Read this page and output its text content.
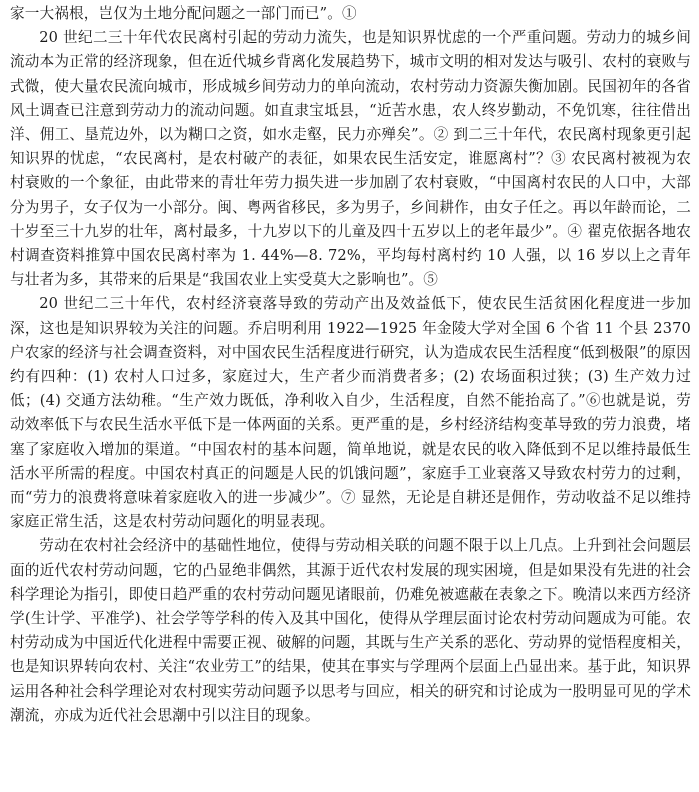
家一大祸根，岂仅为土地分配问题之一部门而已”。①

20 世纪二三十年代农民离村引起的劳动力流失，也是知识界忧虑的一个严重问题。劳动力的城乡间流动本为正常的经济现象，但在近代城乡背离化发展趋势下，城市文明的相对发达与吸引、农村的衰败与式微，使大量农民流向城市，形成城乡间劳动力的单向流动，农村劳动力资源失衡加剧。民国初年的各省风土调查已注意到劳动力的流动问题。如直隶宝坻县，“近苦水患，农人终岁勤动，不免饥寒，往往借出洋、佣工、垦荒边外，以为糊口之资，如水走壑，民力亦殚矣”。② 到二三十年代，农民离村现象更引起知识界的忧虑，“农民离村，是农村破产的表征，如果农民生活安定，谁愿离村”？③ 农民离村被视为农村衰败的一个象征，由此带来的青壮年劳力损失进一步加剧了农村衰败，“中国离村农民的人口中，大部分为男子，女子仅为一小部分。闽、粤两省移民，多为男子，乡间耕作，由女子任之。再以年龄而论，二十岁至三十九岁的壮年，离村最多，十九岁以下的儿童及四十五岁以上的老年最少”。④ 翟克依据各地农村调查资料推算中国农民离村率为 1. 44%—8. 72%，平均每村离村约 10 人强，以 16 岁以上之青年与壮者为多，其带来的后果是“我国农业上实受莫大之影响也”。⑤

20 世纪二三十年代，农村经济衰落导致的劳动产出及效益低下，使农民生活贫困化程度进一步加深，这也是知识界较为关注的问题。乔启明利用 1922—1925 年金陵大学对全国 6 个省 11 个县 2370 户农家的经济与社会调查资料，对中国农民生活程度进行研究，认为造成农民生活程度“低到极限”的原因约有四种：(1) 农村人口过多，家庭过大，生产者少而消费者多；(2) 农场面积过狭；(3) 生产效力过低；(4) 交通方法幼稚。“生产效力既低，净利收入自少，生活程度，自然不能抬高了。”⑥也就是说，劳动效率低下与农民生活水平低下是一体两面的关系。更严重的是，乡村经济结构变革导致的劳力浪费，堵塞了家庭收入增加的渠道。“中国农村的基本问题，简单地说，就是农民的收入降低到不足以维持最低生活水平所需的程度。中国农村真正的问题是人民的饥饿问题”，家庭手工业衰落又导致农村劳力的过剩，而“劳力的浪费将意味着家庭收入的进一步减少”。⑦ 显然，无论是自耕还是佣作，劳动收益不足以维持家庭正常生活，这是农村劳动问题化的明显表现。

劳动在农村社会经济中的基础性地位，使得与劳动相关联的问题不限于以上几点。上升到社会问题层面的近代农村劳动问题，它的凸显绝非偶然，其源于近代农村发展的现实困境，但是如果没有先进的社会科学理论为指引，即使日趋严重的农村劳动问题见诸眼前，仍难免被遮蔽在表象之下。晚清以来西方经济学(生计学、平准学)、社会学等学科的传入及其中国化，使得从学理层面讨论农村劳动问题成为可能。农村劳动成为中国近代化进程中需要正视、破解的问题，其既与生产关系的恶化、劳动界的觉悟程度相关，也是知识界转向农村、关注“农业劳工”的结果，使其在事实与学理两个层面上凸显出来。基于此，知识界运用各种社会科学理论对农村现实劳动问题予以思考与回应，相关的研究和讨论成为一股明显可见的学术潮流，亦成为近代社会思潮中引以注目的现象。
